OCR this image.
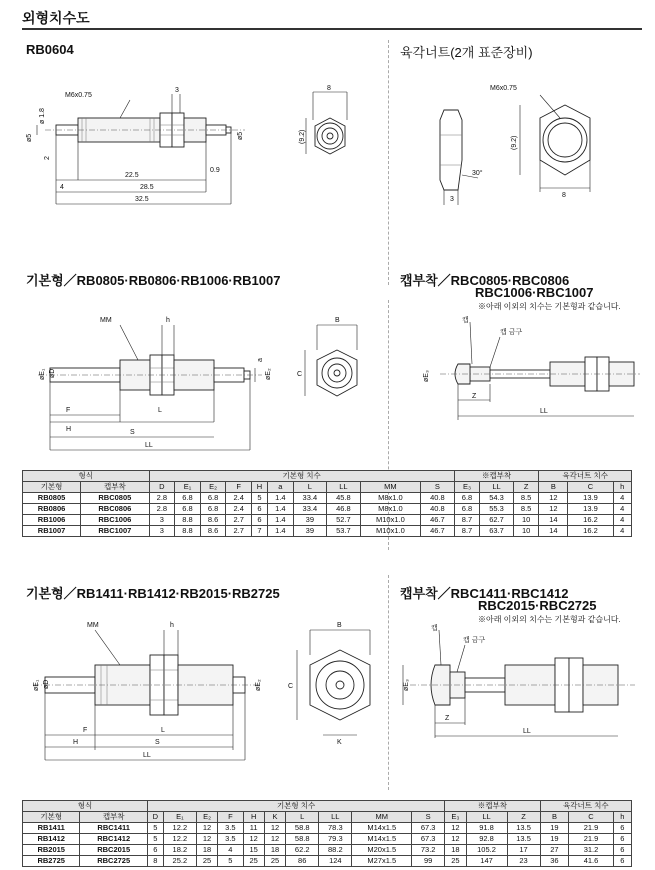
외형치수도
RB0604
M6x0.75
3
ø5
ø 1.8
2
22.5
0.9
ø5
4	28.5
32.5
8
(9.2)
육각너트(2개 표준장비)
M6x0.75
3
30°
(9.2)
8
기본형／RB0805·RB0806·RB1006·RB1007
MM	h
øE₁ øD
a
øE₂
F	L
H	S
LL
B
C
캡부착／RBC0805·RBC0806
RBC1006·RBC1007
※아래 이외의 치수는 기본형과 같습니다.
캡
캡 금구
øE₃
Z
LL
형식		기본형 치수										※캡부착			육각너트 치수		
기본형	캡부착	D	E₁	E₂	F	H	a	L	LL	MM	S	E₃	LL	Z	B	C	h
RB0805	RBC0805	2.8	6.8	6.8	2.4	5	1.4	33.4	45.8	M8x1.0	40.8	6.8	54.3	8.5	12	13.9	4
RB0806	RBC0806	2.8	6.8	6.8	2.4	6	1.4	33.4	46.8	M8x1.0	40.8	6.8	55.3	8.5	12	13.9	4
RB1006	RBC1006	3	8.8	8.6	2.7	6	1.4	39	52.7	M10x1.0	46.7	8.7	62.7	10	14	16.2	4
RB1007	RBC1007	3	8.8	8.6	2.7	7	1.4	39	53.7	M10x1.0	46.7	8.7	63.7	10	14	16.2	4
기본형／RB1411·RB1412·RB2015·RB2725
MM	h
øE₁ øD	øE₂
F	L
H	S
LL
B
C
K
캡부착／RBC1411·RBC1412
RBC2015·RBC2725
※아래 이외의 치수는 기본형과 같습니다.
캡
캡 금구
øE₃
Z
LL
형식		기본형 치수										※캡부착			육각너트 치수		
기본형	캡부착	D	E₁	E₂	F	H	K	L	LL	MM	S	E₃	LL	Z	B	C	h
RB1411	RBC1411	5	12.2	12	3.5	11	12	58.8	78.3	M14x1.5	67.3	12	91.8	13.5	19	21.9	6
RB1412	RBC1412	5	12.2	12	3.5	12	12	58.8	79.3	M14x1.5	67.3	12	92.8	13.5	19	21.9	6
RB2015	RBC2015	6	18.2	18	4	15	18	62.2	88.2	M20x1.5	73.2	18	105.2	17	27	31.2	6
RB2725	RBC2725	8	25.2	25	5	25	25	86	124	M27x1.5	99	25	147	23	36	41.6	6
